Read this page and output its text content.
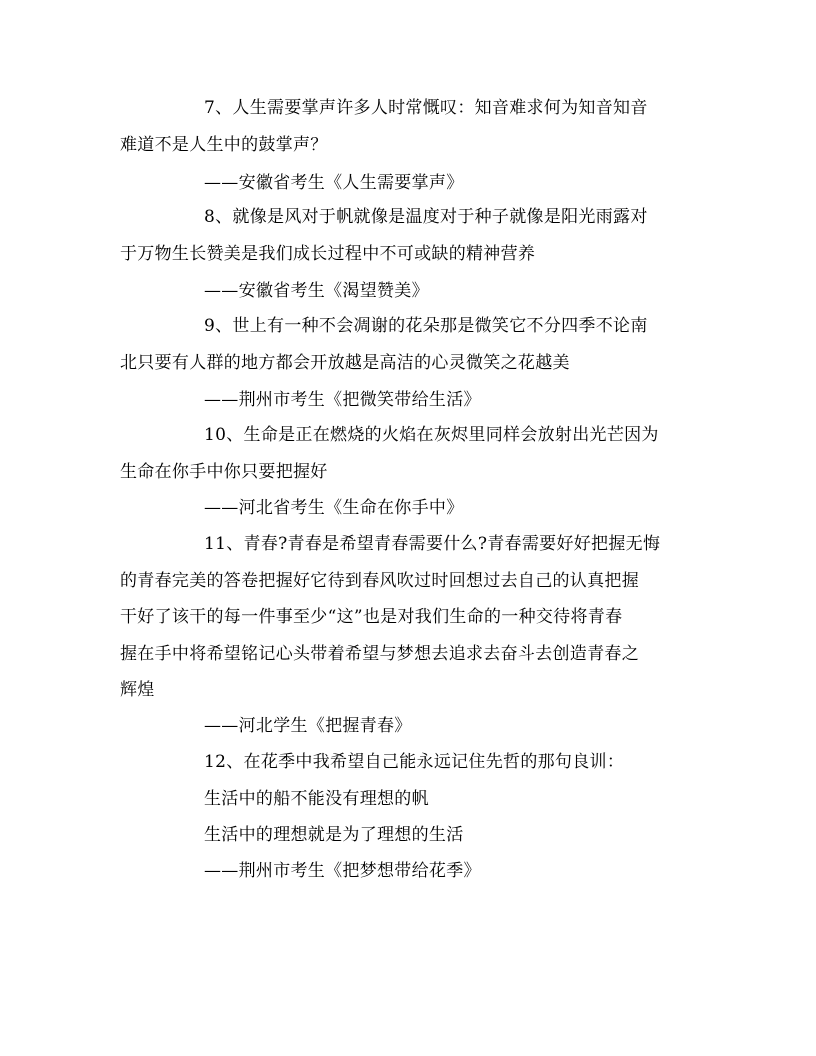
7、人生需要掌声许多人时常慨叹：知音难求何为知音知音
难道不是人生中的鼓掌声？
——安徽省考生《人生需要掌声》
8、就像是风对于帆就像是温度对于种子就像是阳光雨露对
于万物生长赞美是我们成长过程中不可或缺的精神营养
——安徽省考生《渴望赞美》
9、世上有一种不会凋谢的花朵那是微笑它不分四季不论南
北只要有人群的地方都会开放越是高洁的心灵微笑之花越美
——荆州市考生《把微笑带给生活》
10、生命是正在燃烧的火焰在灰烬里同样会放射出光芒因为
生命在你手中你只要把握好
——河北省考生《生命在你手中》
11、青春?青春是希望青春需要什么?青春需要好好把握无悔
的青春完美的答卷把握好它待到春风吹过时回想过去自己的认真把握
干好了该干的每一件事至少“这”也是对我们生命的一种交待将青春
握在手中将希望铭记心头带着希望与梦想去追求去奋斗去创造青春之
辉煌
——河北学生《把握青春》
12、在花季中我希望自己能永远记住先哲的那句良训：
生活中的船不能没有理想的帆
生活中的理想就是为了理想的生活
——荆州市考生《把梦想带给花季》
